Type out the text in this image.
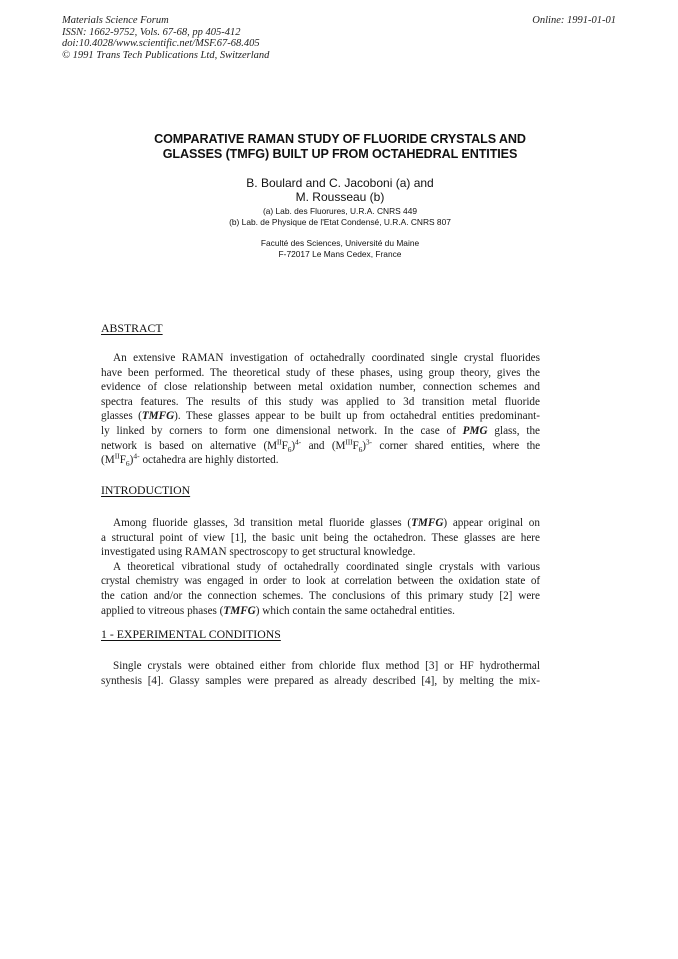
Materials Science Forum
ISSN: 1662-9752, Vols. 67-68, pp 405-412
doi:10.4028/www.scientific.net/MSF.67-68.405
© 1991 Trans Tech Publications Ltd, Switzerland
Online: 1991-01-01
COMPARATIVE RAMAN STUDY OF FLUORIDE CRYSTALS AND
GLASSES (TMFG) BUILT UP FROM OCTAHEDRAL ENTITIES
B. Boulard and C. Jacoboni (a) and
M. Rousseau (b)
(a) Lab. des Fluorures, U.R.A. CNRS 449
(b) Lab. de Physique de l'Etat Condensé, U.R.A. CNRS 807
Faculté des Sciences, Université du Maine
F-72017 Le Mans Cedex, France
ABSTRACT
An extensive RAMAN investigation of octahedrally coordinated single crystal fluorides
have been performed. The theoretical study of these phases, using group theory, gives the
evidence of close relationship between metal oxidation number, connection schemes and
spectra features. The results of this study was applied to 3d transition metal fluoride
glasses (TMFG). These glasses appear to be built up from octahedral entities predominant-
ly linked by corners to form one dimensional network. In the case of PMG glass, the
network is based on alternative $(M^{II}F_6)^{4-}$ and $(M^{III}F_6)^{3-}$ corner shared entities, where the
$(M^{II}F_6)^{4-}$ octahedra are highly distorted.
INTRODUCTION
Among fluoride glasses, 3d transition metal fluoride glasses (TMFG) appear original on
a structural point of view [1], the basic unit being the octahedron. These glasses are here
investigated using RAMAN spectroscopy to get structural knowledge.
A theoretical vibrational study of octahedrally coordinated single crystals with various
crystal chemistry was engaged in order to look at correlation between the oxidation state of
the cation and/or the connection schemes. The conclusions of this primary study [2] were
applied to vitreous phases (TMFG) which contain the same octahedral entities.
1 - EXPERIMENTAL CONDITIONS
Single crystals were obtained either from chloride flux method [3] or HF hydrothermal
synthesis [4]. Glassy samples were prepared as already described [4], by melting the mix-
